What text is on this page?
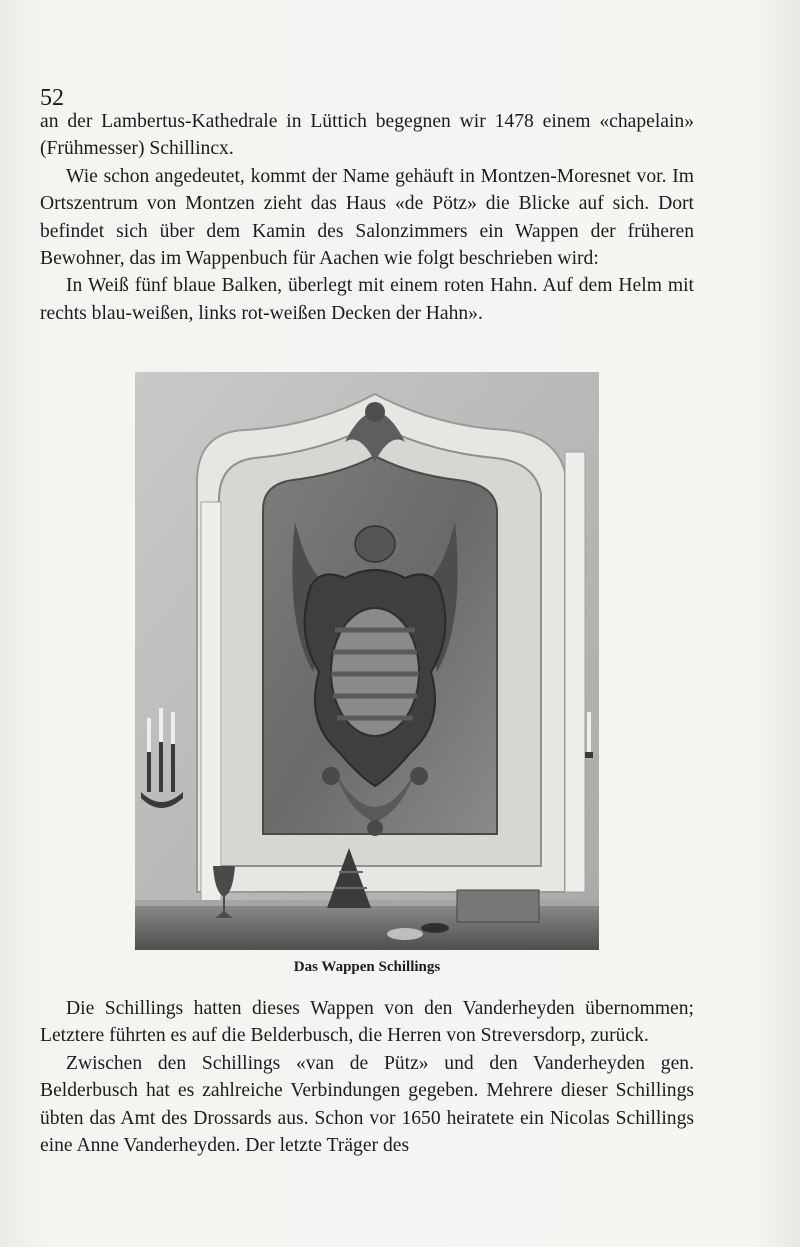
52

an der Lambertus-Kathedrale in Lüttich begegnen wir 1478 einem «chapelain» (Frühmesser) Schillincx.

Wie schon angedeutet, kommt der Name gehäuft in Montzen-Moresnet vor. Im Ortszentrum von Montzen zieht das Haus «de Pötz» die Blicke auf sich. Dort befindet sich über dem Kamin des Salonzimmers ein Wappen der früheren Bewohner, das im Wappenbuch für Aachen wie folgt beschrieben wird:

In Weiß fünf blaue Balken, überlegt mit einem roten Hahn. Auf dem Helm mit rechts blau-weißen, links rot-weißen Decken der Hahn».

Das Wappen Schillings

Die Schillings hatten dieses Wappen von den Vanderheyden übernommen; Letztere führten es auf die Belderbusch, die Herren von Streversdorp, zurück.

Zwischen den Schillings «van de Pütz» und den Vanderheyden gen. Belderbusch hat es zahlreiche Verbindungen gegeben. Mehrere dieser Schillings übten das Amt des Drossards aus. Schon vor 1650 heiratete ein Nicolas Schillings eine Anne Vanderheyden. Der letzte Träger des
